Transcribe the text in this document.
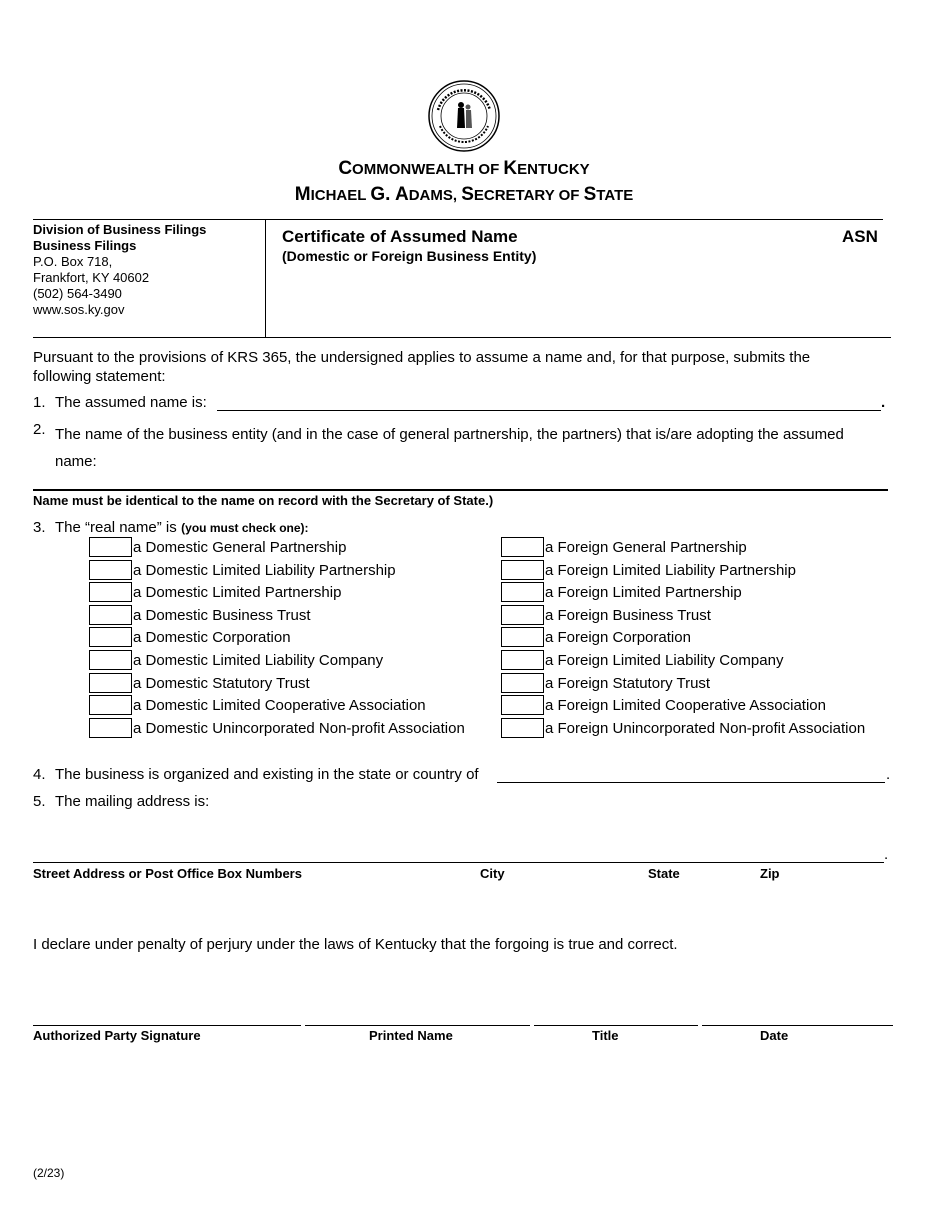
COMMONWEALTH OF KENTUCKY
MICHAEL G. ADAMS, SECRETARY OF STATE
Division of Business Filings
Business Filings
P.O. Box 718,
Frankfort, KY 40602
(502) 564-3490
www.sos.ky.gov
Certificate of Assumed Name
(Domestic or Foreign Business Entity)
ASN
Pursuant to the provisions of KRS 365, the undersigned applies to assume a name and, for that purpose, submits the following statement:
1. The assumed name is:	.
2. The name of the business entity (and in the case of general partnership, the partners) that is/are adopting the assumed name:
Name must be identical to the name on record with the Secretary of State.)
3. The “real name” is (you must check one):
a Domestic General Partnership
a Domestic Limited Liability Partnership
a Domestic Limited Partnership
a Domestic Business Trust
a Domestic Corporation
a Domestic Limited Liability Company
a Domestic Statutory Trust
a Domestic Limited Cooperative Association
a Domestic Unincorporated Non-profit Association
a Foreign General Partnership
a Foreign Limited Liability Partnership
a Foreign Limited Partnership
a Foreign Business Trust
a Foreign Corporation
a Foreign Limited Liability Company
a Foreign Statutory Trust
a Foreign Limited Cooperative Association
a Foreign Unincorporated Non-profit Association
4. The business is organized and existing in the state or country of	.
5. The mailing address is:
.
Street Address or Post Office Box Numbers	City	State	Zip
I declare under penalty of perjury under the laws of Kentucky that the forgoing is true and correct.
Authorized Party Signature	Printed Name	Title	Date
(2/23)
